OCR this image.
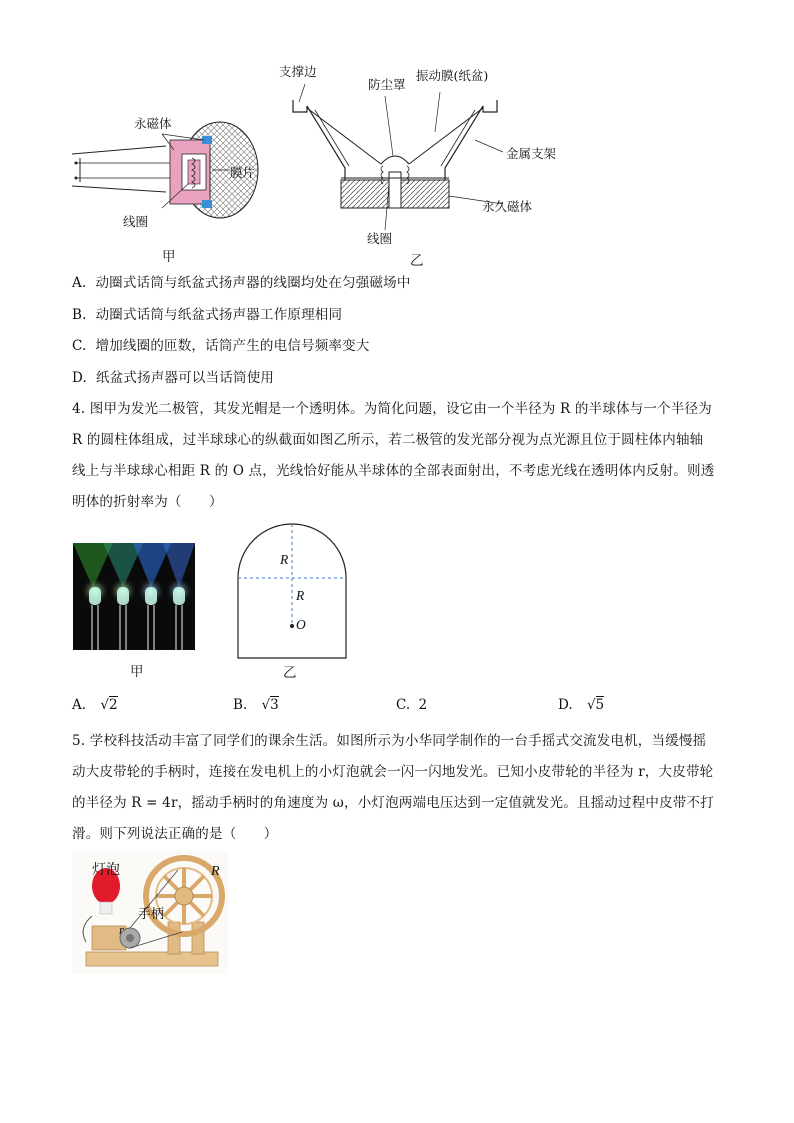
永磁体
膜片
线圈
甲
支撑边
防尘罩
振动膜(纸盆)
金属支架
永久磁体
线圈
乙
A. 动圈式话筒与纸盆式扬声器的线圈均处在匀强磁场中
B. 动圈式话筒与纸盆式扬声器工作原理相同
C. 增加线圈的匝数，话筒产生的电信号频率变大
D. 纸盆式扬声器可以当话筒使用
4. 图甲为发光二极管，其发光帽是一个透明体。为简化问题，设它由一个半径为 R 的半球体与一个半径为
R 的圆柱体组成，过半球球心的纵截面如图乙所示，若二极管的发光部分视为点光源且位于圆柱体内轴轴
线上与半球球心相距 R 的 O 点，光线恰好能从半球体的全部表面射出，不考虑光线在透明体内反射。则透
明体的折射率为（　　）
甲
R
R
O
乙
A. √2	B. √3	C. 2	D. √5
5. 学校科技活动丰富了同学们的课余生活。如图所示为小华同学制作的一台手摇式交流发电机，当缓慢摇
动大皮带轮的手柄时，连接在发电机上的小灯泡就会一闪一闪地发光。已知小皮带轮的半径为 r，大皮带轮
的半径为 R = 4r，摇动手柄时的角速度为 ω，小灯泡两端电压达到一定值就发光。且摇动过程中皮带不打
滑。则下列说法正确的是（　　）
灯泡	R
手柄
r
